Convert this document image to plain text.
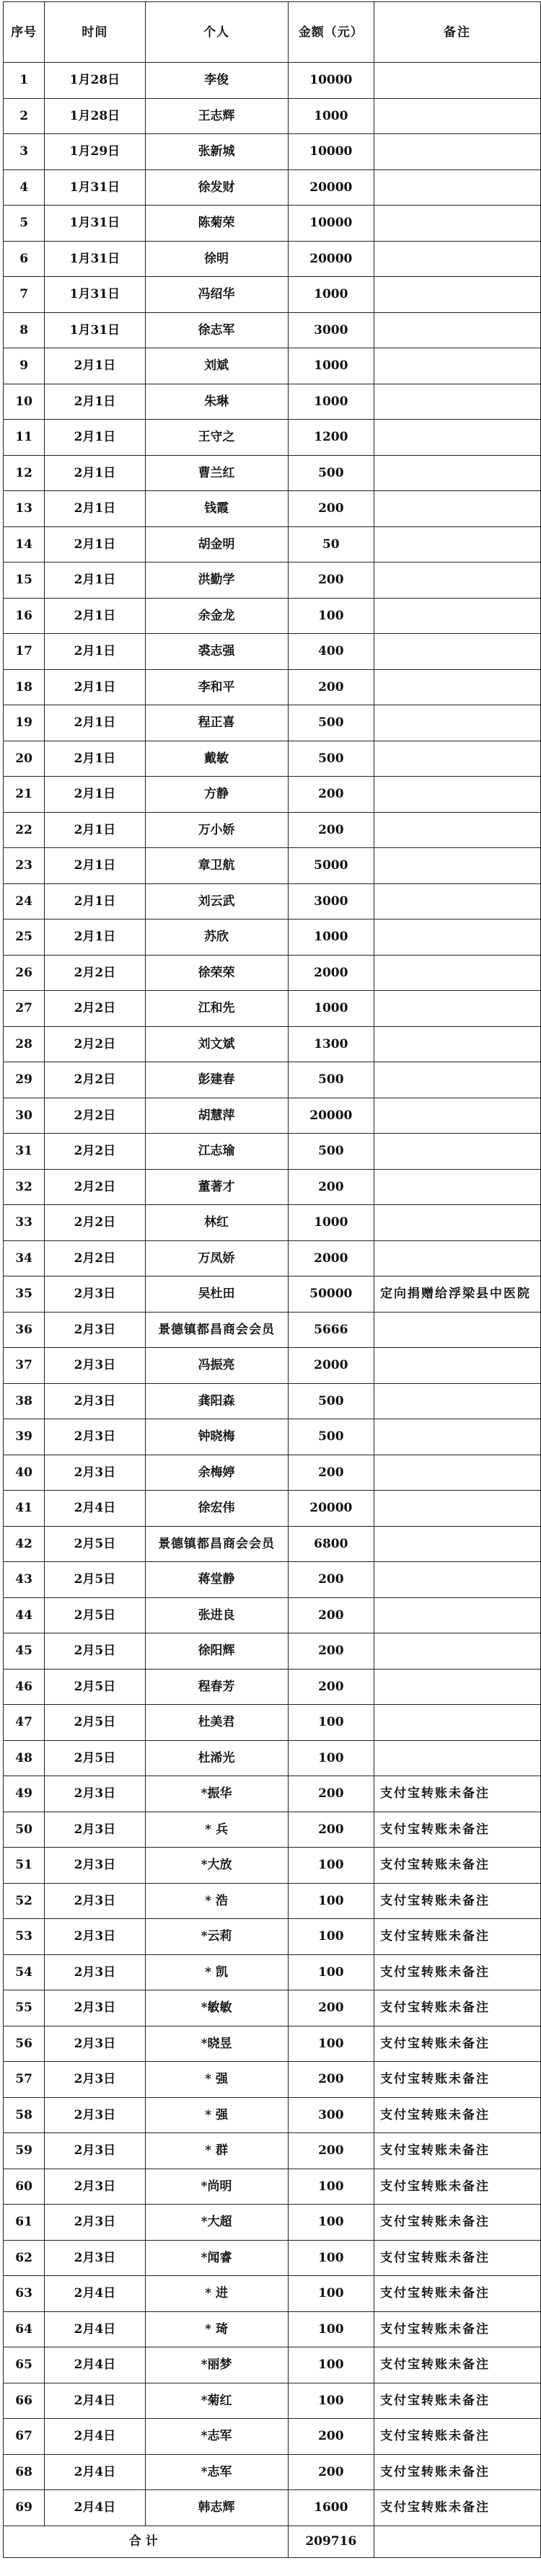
序号	时间	个人	金额（元）	备注
1	1月28日	李俊	10000	
2	1月28日	王志辉	1000	
3	1月29日	张新城	10000	
4	1月31日	徐发财	20000	
5	1月31日	陈菊荣	10000	
6	1月31日	徐明	20000	
7	1月31日	冯绍华	1000	
8	1月31日	徐志军	3000	
9	2月1日	刘斌	1000	
10	2月1日	朱琳	1000	
11	2月1日	王守之	1200	
12	2月1日	曹兰红	500	
13	2月1日	钱霞	200	
14	2月1日	胡金明	50	
15	2月1日	洪勤学	200	
16	2月1日	余金龙	100	
17	2月1日	裘志强	400	
18	2月1日	李和平	200	
19	2月1日	程正喜	500	
20	2月1日	戴敏	500	
21	2月1日	方静	200	
22	2月1日	万小娇	200	
23	2月1日	章卫航	5000	
24	2月1日	刘云武	3000	
25	2月1日	苏欣	1000	
26	2月2日	徐荣荣	2000	
27	2月2日	江和先	1000	
28	2月2日	刘文斌	1300	
29	2月2日	彭建春	500	
30	2月2日	胡慧萍	20000	
31	2月2日	江志瑜	500	
32	2月2日	董著才	200	
33	2月2日	林红	1000	
34	2月2日	万凤娇	2000	
35	2月3日	吴杜田	50000	定向捐赠给浮梁县中医院
36	2月3日	景德镇都昌商会会员	5666	
37	2月3日	冯振亮	2000	
38	2月3日	龚阳森	500	
39	2月3日	钟晓梅	500	
40	2月3日	余梅婷	200	
41	2月4日	徐宏伟	20000	
42	2月5日	景德镇都昌商会会员	6800	
43	2月5日	蒋堂静	200	
44	2月5日	张进良	200	
45	2月5日	徐阳辉	200	
46	2月5日	程春芳	200	
47	2月5日	杜美君	100	
48	2月5日	杜浠光	100	
49	2月3日	*振华	200	支付宝转账未备注
50	2月3日	* 兵	200	支付宝转账未备注
51	2月3日	*大放	100	支付宝转账未备注
52	2月3日	* 浩	100	支付宝转账未备注
53	2月3日	*云莉	100	支付宝转账未备注
54	2月3日	* 凯	100	支付宝转账未备注
55	2月3日	*敏敏	200	支付宝转账未备注
56	2月3日	*晓昱	100	支付宝转账未备注
57	2月3日	* 强	200	支付宝转账未备注
58	2月3日	* 强	300	支付宝转账未备注
59	2月3日	* 群	200	支付宝转账未备注
60	2月3日	*尚明	100	支付宝转账未备注
61	2月3日	*大超	100	支付宝转账未备注
62	2月3日	*闻睿	100	支付宝转账未备注
63	2月4日	* 进	100	支付宝转账未备注
64	2月4日	* 琦	100	支付宝转账未备注
65	2月4日	*丽梦	100	支付宝转账未备注
66	2月4日	*菊红	100	支付宝转账未备注
67	2月4日	*志军	200	支付宝转账未备注
68	2月4日	*志军	200	支付宝转账未备注
69	2月4日	韩志辉	1600	支付宝转账未备注
合计			209716	
